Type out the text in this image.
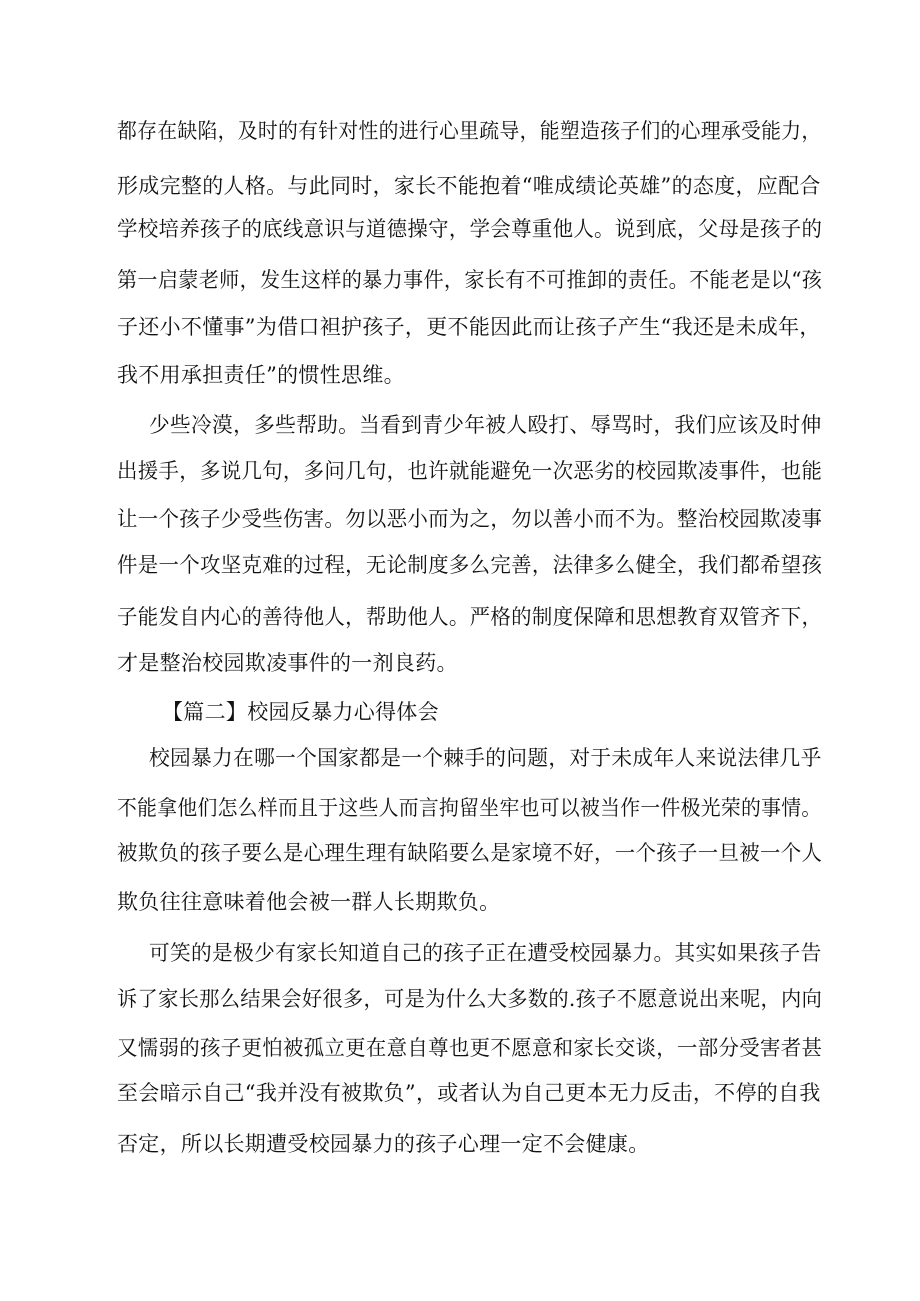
都存在缺陷，及时的有针对性的进行心里疏导，能塑造孩子们的心理承受能力，
形成完整的人格。与此同时，家长不能抱着“唯成绩论英雄”的态度，应配合
学校培养孩子的底线意识与道德操守，学会尊重他人。说到底，父母是孩子的
第一启蒙老师，发生这样的暴力事件，家长有不可推卸的责任。不能老是以“孩
子还小不懂事”为借口袒护孩子，更不能因此而让孩子产生“我还是未成年，
我不用承担责任”的惯性思维。
少些冷漠，多些帮助。当看到青少年被人殴打、辱骂时，我们应该及时伸
出援手，多说几句，多问几句，也许就能避免一次恶劣的校园欺凌事件，也能
让一个孩子少受些伤害。勿以恶小而为之，勿以善小而不为。整治校园欺凌事
件是一个攻坚克难的过程，无论制度多么完善，法律多么健全，我们都希望孩
子能发自内心的善待他人，帮助他人。严格的制度保障和思想教育双管齐下，
才是整治校园欺凌事件的一剂良药。
【篇二】校园反暴力心得体会
校园暴力在哪一个国家都是一个棘手的问题，对于未成年人来说法律几乎
不能拿他们怎么样而且于这些人而言拘留坐牢也可以被当作一件极光荣的事情。
被欺负的孩子要么是心理生理有缺陷要么是家境不好，一个孩子一旦被一个人
欺负往往意味着他会被一群人长期欺负。
可笑的是极少有家长知道自己的孩子正在遭受校园暴力。其实如果孩子告
诉了家长那么结果会好很多，可是为什么大多数的.孩子不愿意说出来呢，内向
又懦弱的孩子更怕被孤立更在意自尊也更不愿意和家长交谈，一部分受害者甚
至会暗示自己“我并没有被欺负”，或者认为自己更本无力反击，不停的自我
否定，所以长期遭受校园暴力的孩子心理一定不会健康。
